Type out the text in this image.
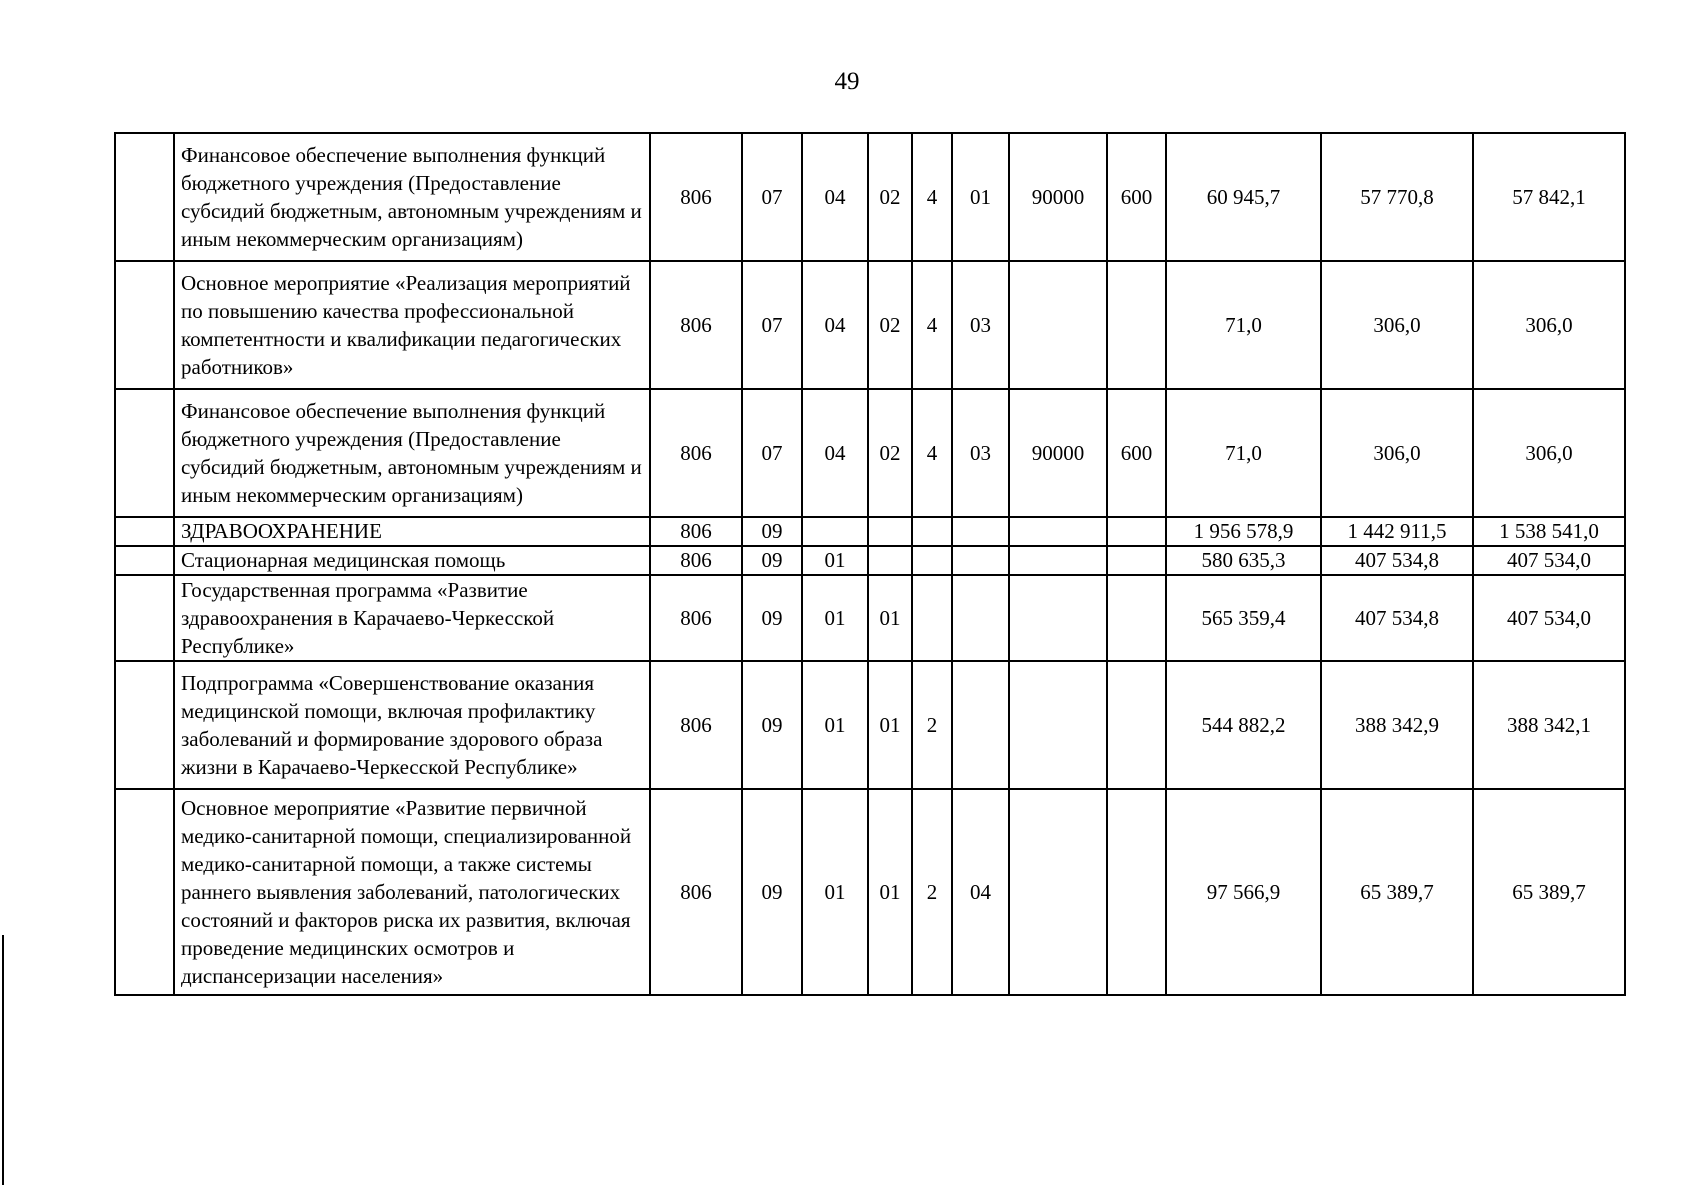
49
	Финансовое обеспечение выполнения функций бюджетного учреждения (Предоставление субсидий бюджетным, автономным учреждениям и иным некоммерческим организациям)	806	07	04	02	4	01	90000	600	60 945,7	57 770,8	57 842,1
	Основное мероприятие «Реализация мероприятий по повышению качества профессиональной компетентности и квалификации педагогических работников»	806	07	04	02	4	03			71,0	306,0	306,0
	Финансовое обеспечение выполнения функций бюджетного учреждения (Предоставление субсидий бюджетным, автономным учреждениям и иным некоммерческим организациям)	806	07	04	02	4	03	90000	600	71,0	306,0	306,0
	ЗДРАВООХРАНЕНИЕ	806	09							1 956 578,9	1 442 911,5	1 538 541,0
	Стационарная медицинская помощь	806	09	01						580 635,3	407 534,8	407 534,0
	Государственная программа «Развитие здравоохранения в Карачаево-Черкесской Республике»	806	09	01	01					565 359,4	407 534,8	407 534,0
	Подпрограмма «Совершенствование оказания медицинской помощи, включая профилактику заболеваний и формирование здорового образа жизни в Карачаево-Черкесской Республике»	806	09	01	01	2				544 882,2	388 342,9	388 342,1
	Основное мероприятие «Развитие первичной медико-санитарной помощи, специализированной медико-санитарной помощи, а также системы раннего выявления заболеваний, патологических состояний и факторов риска их развития, включая проведение медицинских осмотров и диспансеризации населения»	806	09	01	01	2	04			97 566,9	65 389,7	65 389,7
